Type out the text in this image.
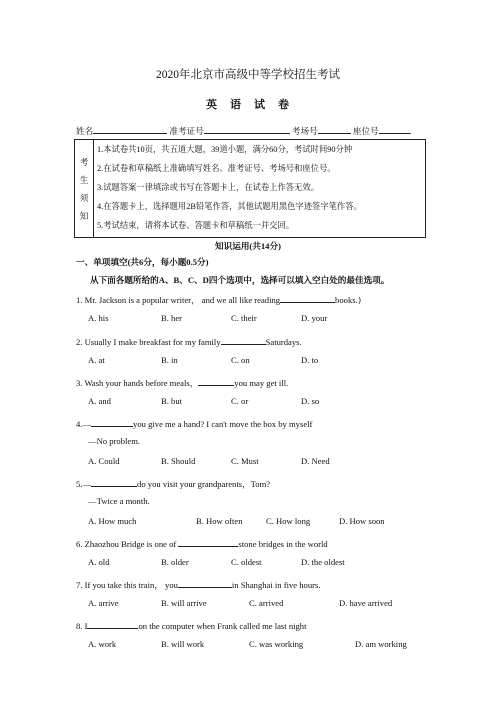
2020年北京市高级中等学校招生考试
英语试卷
姓名	准考证号	考场号	座位号	.
考
生
须
知
1.本试卷共10页，共五道大题，39道小题，满分60分，考试时间90分钟
2.在试卷和草稿纸上准确填写姓名、准考证号、考场号和座位号。
3.试题答案一律填涂或书写在答题卡上，在试卷上作答无效。
4.在答题卡上，选择题用2B铅笔作答，其他试题用黑色字迹签字笔作答。
5.考试结束，请将本试卷、答题卡和草稿纸一并交回。
知识运用(共14分)
一、单项填空(共6分，每小题0.5分)
从下面各题所给的A、B、C、D四个选项中，选择可以填入空白处的最佳选项。
1. Mr. Jackson is a popular writer， and we all like reading	books.}
A. his	B. her	C. their	D. your
2. Usually I make breakfast for my family	Saturdays.
A. at	B. in	C. on	D. to
3. Wash your hands before meals，	you may get ill.
A. and	B. but	C. or	D. so
4.—	you give me a hand? I can't move the box by myself
—No problem.
A. Could	B. Should	C. Must	D. Need
5.—	do you visit your grandparents，Tom?
—Twice a month.
A. How much	B. How often	C. How long	D. How soon
6. Zhaozhou Bridge is one of	stone bridges in the world
A. old	B. older	C. oldest	D. the oldest
7. If you take this train， you	in Shanghai in five hours.
A. arrive	B. will arrive	C. arrived	D. have arrived
8. I	on the computer when Frank called me last night
A. work	B. will work	C. was working	D. am working
